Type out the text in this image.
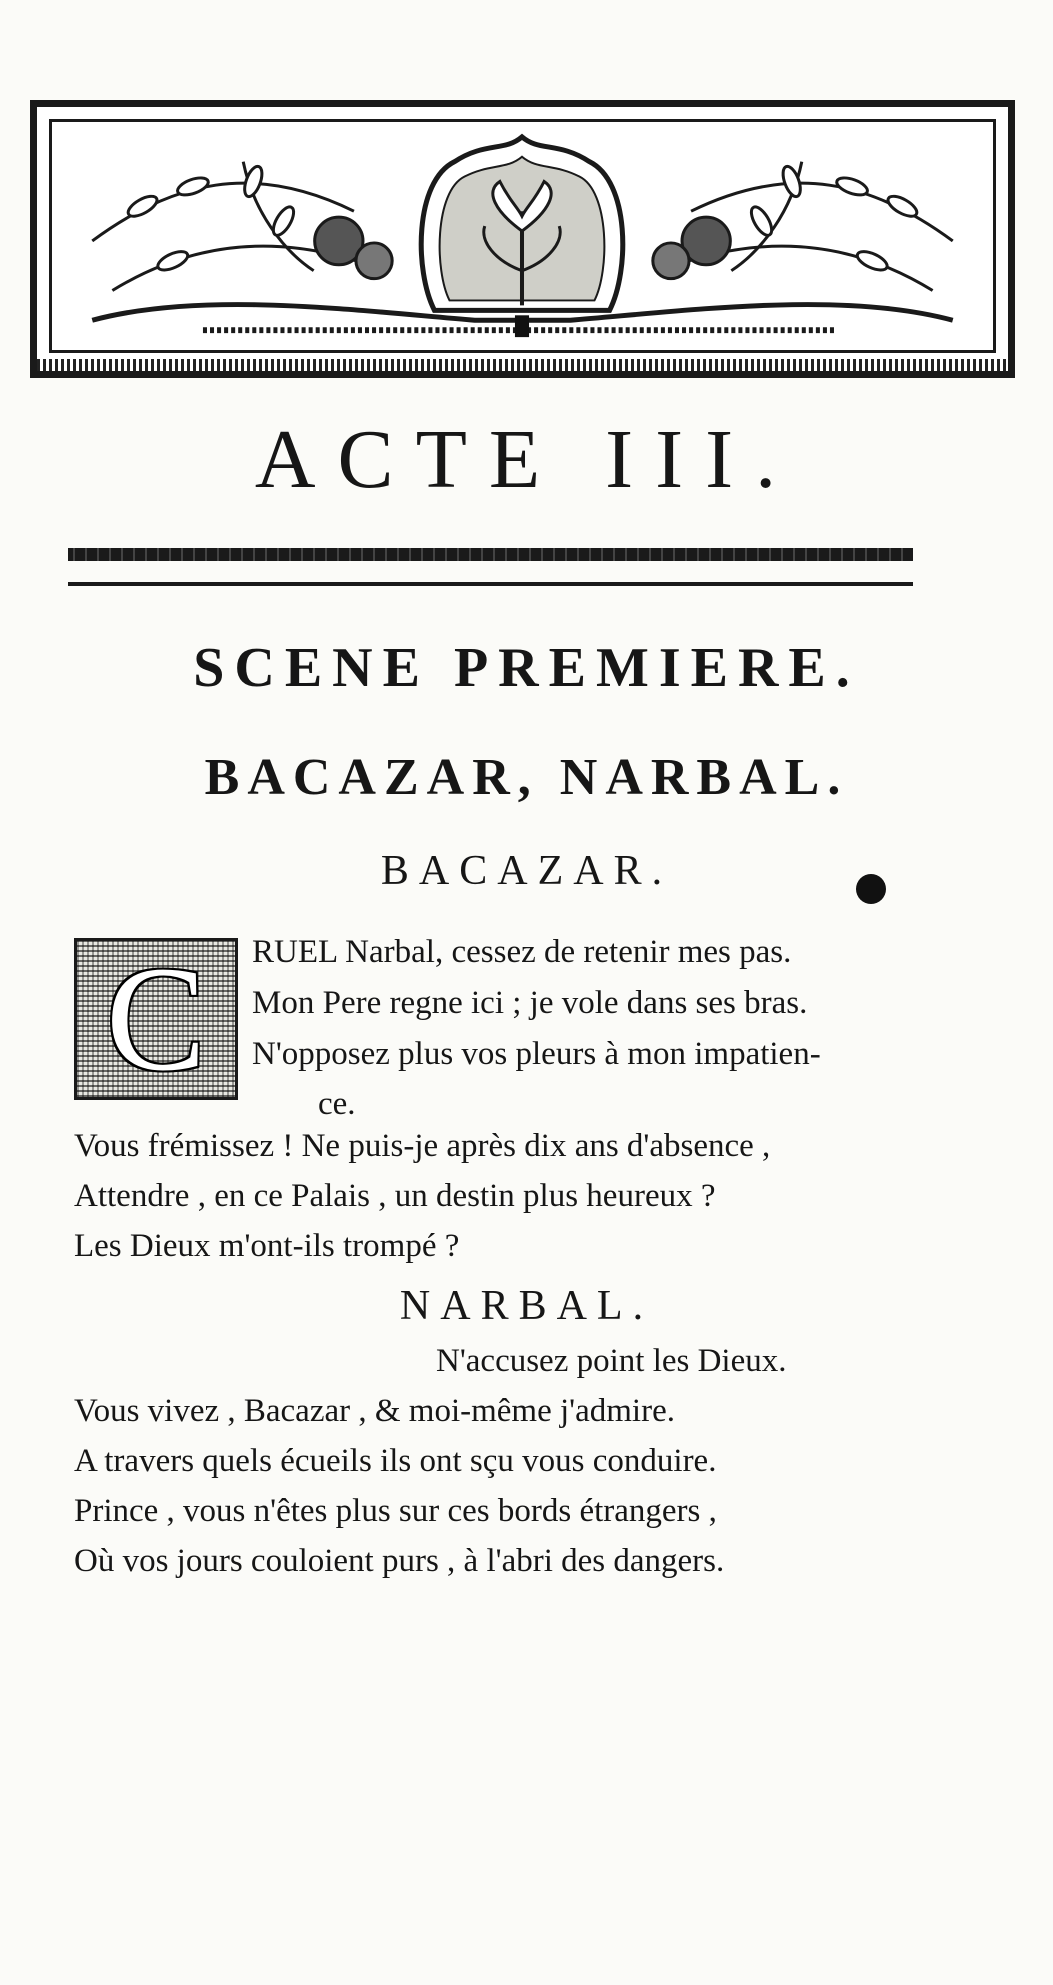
ACTE III.
SCENE PREMIERE.
BACAZAR, NARBAL.

BACAZAR.

C	RUEL Narbal, cessez de retenir mes pas.

Mon Pere regne ici ; je vole dans ses bras.

N'opposez plus vos pleurs à mon impatien-

ce.

Vous frémissez ! Ne puis-je après dix ans d'absence ,

Attendre , en ce Palais , un destin plus heureux ?

Les Dieux m'ont-ils trompé ?

NARBAL.

N'accusez point les Dieux.

Vous vivez , Bacazar , & moi-même j'admire.

A travers quels écueils ils ont sçu vous conduire.

Prince , vous n'êtes plus sur ces bords étrangers ,

Où vos jours couloient purs , à l'abri des dangers.
